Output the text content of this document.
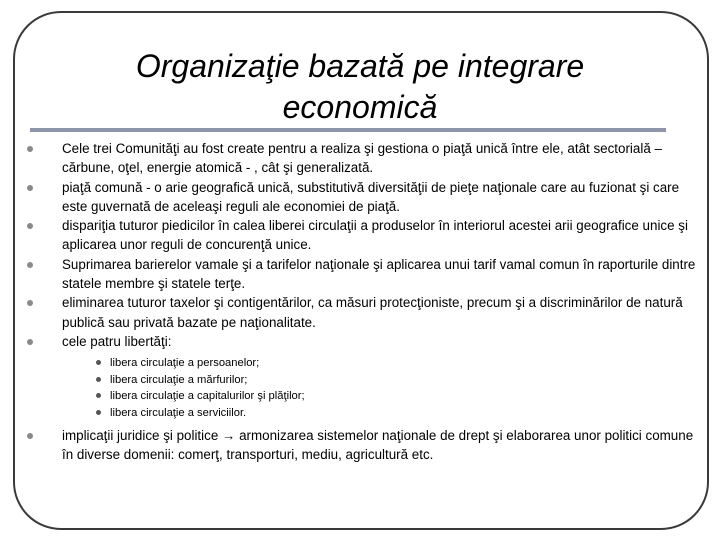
Organizaţie bazată pe integrare
economică
Cele trei Comunităţi au fost create pentru a realiza şi gestiona o piaţă unică între ele, atât sectorială – cărbune, oţel, energie atomică - , cât şi generalizată.
piaţă comună - o arie geografică unică, substitutivă diversităţii de pieţe naţionale care au fuzionat şi care este guvernată de aceleaşi reguli ale economiei de piaţă.
dispariţia tuturor piedicilor în calea liberei circulaţii a produselor în interiorul acestei arii geografice unice şi aplicarea unor reguli de concurenţă unice.
Suprimarea barierelor vamale şi a tarifelor naţionale şi aplicarea unui tarif vamal comun în raporturile dintre statele membre şi statele terţe.
eliminarea tuturor taxelor şi contigentărilor, ca măsuri protecţioniste, precum şi a discriminărilor de natură publică sau privată bazate pe naţionalitate.
cele patru libertăţi:
libera circulaţie a persoanelor;
libera circulaţie a mărfurilor;
libera circulaţie a capitalurilor şi plăţilor;
libera circulaţie a serviciilor.
implicaţii juridice şi politice → armonizarea sistemelor naţionale de drept şi elaborarea unor politici comune în diverse domenii: comerţ, transporturi, mediu, agricultură etc.
